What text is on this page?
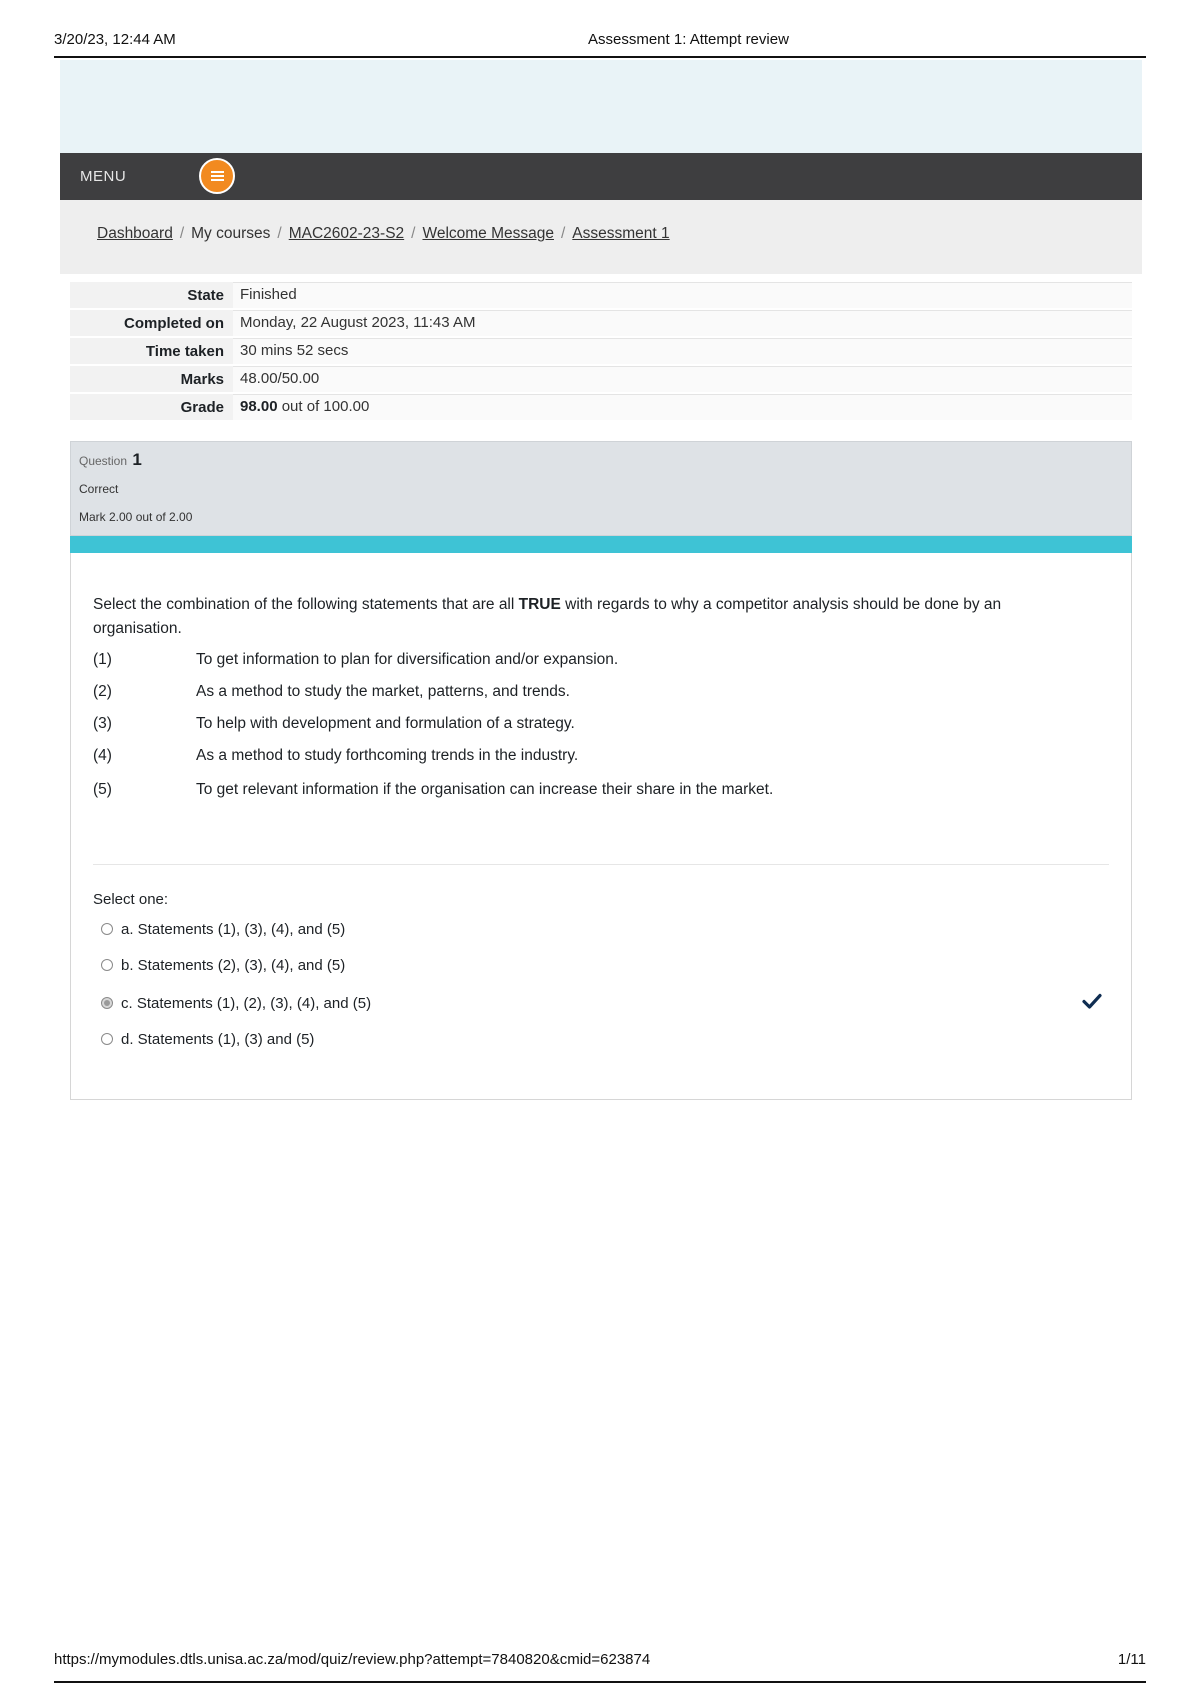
3/20/23, 12:44 AM	Assessment 1: Attempt review
MENU
Dashboard / My courses / MAC2602-23-S2 / Welcome Message / Assessment 1
State	Finished
Completed on	Monday, 22 August 2023, 11:43 AM
Time taken	30 mins 52 secs
Marks	48.00/50.00
Grade	98.00 out of 100.00
Question 1
Correct
Mark 2.00 out of 2.00
Select the combination of the following statements that are all TRUE with regards to why a competitor analysis should be done by an organisation.
(1)	To get information to plan for diversification and/or expansion.
(2)	As a method to study the market, patterns, and trends.
(3)	To help with development and formulation of a strategy.
(4)	As a method to study forthcoming trends in the industry.
(5)	To get relevant information if the organisation can increase their share in the market.
Select one:
a. Statements (1), (3), (4), and (5)
b. Statements (2), (3), (4), and (5)
c. Statements (1), (2), (3), (4), and (5)
d. Statements (1), (3) and (5)
https://mymodules.dtls.unisa.ac.za/mod/quiz/review.php?attempt=7840820&cmid=623874	1/11
